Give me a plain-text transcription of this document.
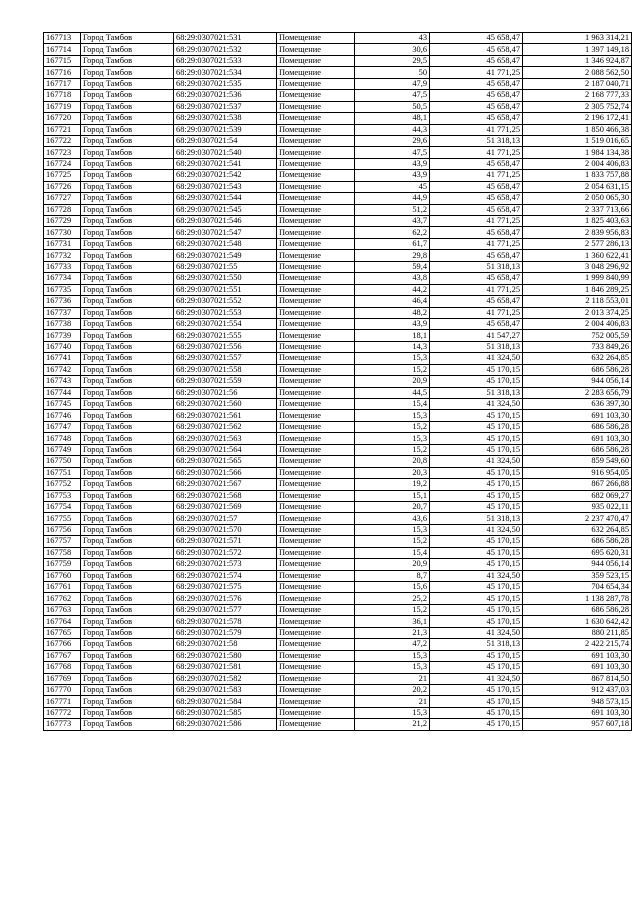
167713	Город Тамбов	68:29:0307021:531	Помещение	43	45 658,47	1 963 314,21
167714	Город Тамбов	68:29:0307021:532	Помещение	30,6	45 658,47	1 397 149,18
167715	Город Тамбов	68:29:0307021:533	Помещение	29,5	45 658,47	1 346 924,87
167716	Город Тамбов	68:29:0307021:534	Помещение	50	41 771,25	2 088 562,50
167717	Город Тамбов	68:29:0307021:535	Помещение	47,9	45 658,47	2 187 040,71
167718	Город Тамбов	68:29:0307021:536	Помещение	47,5	45 658,47	2 168 777,33
167719	Город Тамбов	68:29:0307021:537	Помещение	50,5	45 658,47	2 305 752,74
167720	Город Тамбов	68:29:0307021:538	Помещение	48,1	45 658,47	2 196 172,41
167721	Город Тамбов	68:29:0307021:539	Помещение	44,3	41 771,25	1 850 466,38
167722	Город Тамбов	68:29:0307021:54	Помещение	29,6	51 318,13	1 519 016,65
167723	Город Тамбов	68:29:0307021:540	Помещение	47,5	41 771,25	1 984 134,38
167724	Город Тамбов	68:29:0307021:541	Помещение	43,9	45 658,47	2 004 406,83
167725	Город Тамбов	68:29:0307021:542	Помещение	43,9	41 771,25	1 833 757,88
167726	Город Тамбов	68:29:0307021:543	Помещение	45	45 658,47	2 054 631,15
167727	Город Тамбов	68:29:0307021:544	Помещение	44,9	45 658,47	2 050 065,30
167728	Город Тамбов	68:29:0307021:545	Помещение	51,2	45 658,47	2 337 713,66
167729	Город Тамбов	68:29:0307021:546	Помещение	43,7	41 771,25	1 825 403,63
167730	Город Тамбов	68:29:0307021:547	Помещение	62,2	45 658,47	2 839 956,83
167731	Город Тамбов	68:29:0307021:548	Помещение	61,7	41 771,25	2 577 286,13
167732	Город Тамбов	68:29:0307021:549	Помещение	29,8	45 658,47	1 360 622,41
167733	Город Тамбов	68:29:0307021:55	Помещение	59,4	51 318,13	3 048 296,92
167734	Город Тамбов	68:29:0307021:550	Помещение	43,8	45 658,47	1 999 840,99
167735	Город Тамбов	68:29:0307021:551	Помещение	44,2	41 771,25	1 846 289,25
167736	Город Тамбов	68:29:0307021:552	Помещение	46,4	45 658,47	2 118 553,01
167737	Город Тамбов	68:29:0307021:553	Помещение	48,2	41 771,25	2 013 374,25
167738	Город Тамбов	68:29:0307021:554	Помещение	43,9	45 658,47	2 004 406,83
167739	Город Тамбов	68:29:0307021:555	Помещение	18,1	41 547,27	752 005,59
167740	Город Тамбов	68:29:0307021:556	Помещение	14,3	51 318,13	733 849,26
167741	Город Тамбов	68:29:0307021:557	Помещение	15,3	41 324,50	632 264,85
167742	Город Тамбов	68:29:0307021:558	Помещение	15,2	45 170,15	686 586,28
167743	Город Тамбов	68:29:0307021:559	Помещение	20,9	45 170,15	944 056,14
167744	Город Тамбов	68:29:0307021:56	Помещение	44,5	51 318,13	2 283 656,79
167745	Город Тамбов	68:29:0307021:560	Помещение	15,4	41 324,50	636 397,30
167746	Город Тамбов	68:29:0307021:561	Помещение	15,3	45 170,15	691 103,30
167747	Город Тамбов	68:29:0307021:562	Помещение	15,2	45 170,15	686 586,28
167748	Город Тамбов	68:29:0307021:563	Помещение	15,3	45 170,15	691 103,30
167749	Город Тамбов	68:29:0307021:564	Помещение	15,2	45 170,15	686 586,28
167750	Город Тамбов	68:29:0307021:565	Помещение	20,8	41 324,50	859 549,60
167751	Город Тамбов	68:29:0307021:566	Помещение	20,3	45 170,15	916 954,05
167752	Город Тамбов	68:29:0307021:567	Помещение	19,2	45 170,15	867 266,88
167753	Город Тамбов	68:29:0307021:568	Помещение	15,1	45 170,15	682 069,27
167754	Город Тамбов	68:29:0307021:569	Помещение	20,7	45 170,15	935 022,11
167755	Город Тамбов	68:29:0307021:57	Помещение	43,6	51 318,13	2 237 470,47
167756	Город Тамбов	68:29:0307021:570	Помещение	15,3	41 324,50	632 264,85
167757	Город Тамбов	68:29:0307021:571	Помещение	15,2	45 170,15	686 586,28
167758	Город Тамбов	68:29:0307021:572	Помещение	15,4	45 170,15	695 620,31
167759	Город Тамбов	68:29:0307021:573	Помещение	20,9	45 170,15	944 056,14
167760	Город Тамбов	68:29:0307021:574	Помещение	8,7	41 324,50	359 523,15
167761	Город Тамбов	68:29:0307021:575	Помещение	15,6	45 170,15	704 654,34
167762	Город Тамбов	68:29:0307021:576	Помещение	25,2	45 170,15	1 138 287,78
167763	Город Тамбов	68:29:0307021:577	Помещение	15,2	45 170,15	686 586,28
167764	Город Тамбов	68:29:0307021:578	Помещение	36,1	45 170,15	1 630 642,42
167765	Город Тамбов	68:29:0307021:579	Помещение	21,3	41 324,50	880 211,85
167766	Город Тамбов	68:29:0307021:58	Помещение	47,2	51 318,13	2 422 215,74
167767	Город Тамбов	68:29:0307021:580	Помещение	15,3	45 170,15	691 103,30
167768	Город Тамбов	68:29:0307021:581	Помещение	15,3	45 170,15	691 103,30
167769	Город Тамбов	68:29:0307021:582	Помещение	21	41 324,50	867 814,50
167770	Город Тамбов	68:29:0307021:583	Помещение	20,2	45 170,15	912 437,03
167771	Город Тамбов	68:29:0307021:584	Помещение	21	45 170,15	948 573,15
167772	Город Тамбов	68:29:0307021:585	Помещение	15,3	45 170,15	691 103,30
167773	Город Тамбов	68:29:0307021:586	Помещение	21,2	45 170,15	957 607,18
